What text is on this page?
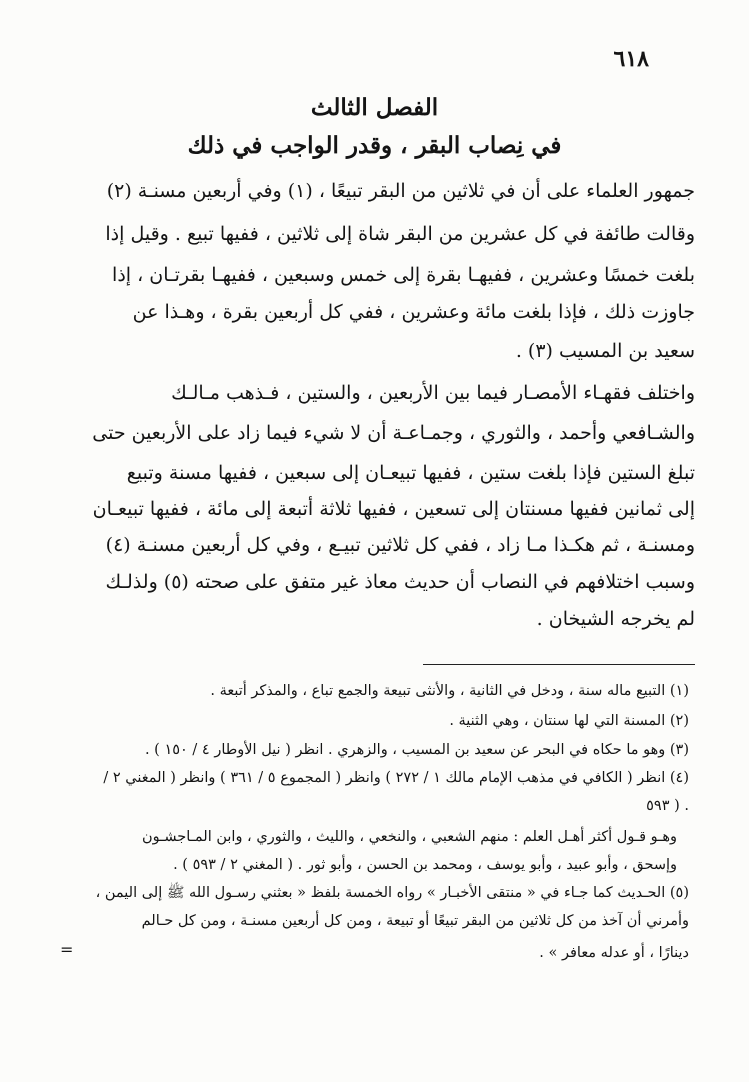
٦١٨
الفصل الثالث
في نِصاب البقر ، وقدر الواجب في ذلك
جمهور العلماء على أن في ثلاثين من البقر تبيعًا ، (١) وفي أربعين مسنـة (٢)
وقالت طائفة في كل عشرين من البقر شاة إلى ثلاثين ، ففيها تبيع . وقيل إذا
بلغت خمسًا وعشرين ، ففيهـا بقرة إلى خمس وسبعين ، ففيهـا بقرتـان ، إذا
جاوزت ذلك ، فإذا بلغت مائة وعشرين ، ففي كل أربعين بقرة ، وهـذا عن
سعيد بن المسيب (٣) .
واختلف فقهـاء الأمصـار فيما بين الأربعين ، والستين ، فـذهب مـالـك
والشـافعي وأحمد ، والثوري ، وجمـاعـة أن لا شيء فيما زاد على الأربعين حتى
تبلغ الستين فإذا بلغت ستين ، ففيها تبيعـان إلى سبعين ، ففيها مسنة وتبيع
إلى ثمانين ففيها مسنتان إلى تسعين ، ففيها ثلاثة أتبعة إلى مائة ، ففيها تبيعـان
ومسنـة ، ثم هكـذا مـا زاد ، ففي كل ثلاثين تبيـع ، وفي كل أربعين مسنـة (٤)
وسبب اختلافهم في النصاب أن حديث معاذ غير متفق على صحته (٥) ولذلـك
لم يخرجه الشيخان .
(١) التبيع ماله سنة ، ودخل في الثانية ، والأنثى تبيعة والجمع تباع ، والمذكر أتبعة .
(٢) المسنة التي لها سنتان ، وهي الثنية .
(٣) وهو ما حكاه في البحر عن سعيد بن المسيب ، والزهري . انظر ( نيل الأوطار ٤ / ١٥٠ ) .
(٤) انظر ( الكافي في مذهب الإمام مالك ١ / ٢٧٢ ) وانظر ( المجموع ٥ / ٣٦١ ) وانظر ( المغني ٢ /
٥٩٣ ) .
وهـو قـول أكثر أهـل العلم : منهم الشعبي ، والنخعي ، والليث ، والثوري ، وابن المـاجشـون
وإسحق ، وأبو عبيد ، وأبو يوسف ، ومحمد بن الحسن ، وأبو ثور . ( المغني ٢ / ٥٩٣ ) .
(٥) الحـديث كما جـاء في « منتقى الأخبـار » رواه الخمسة بلفظ « بعثني رسـول الله ﷺ إلى اليمن ،
وأمرني أن آخذ من كل ثلاثين من البقر تبيعًا أو تبيعة ، ومن كل أربعين مسنـة ، ومن كل حـالم
دينارًا ، أو عدله معافر » .
=
